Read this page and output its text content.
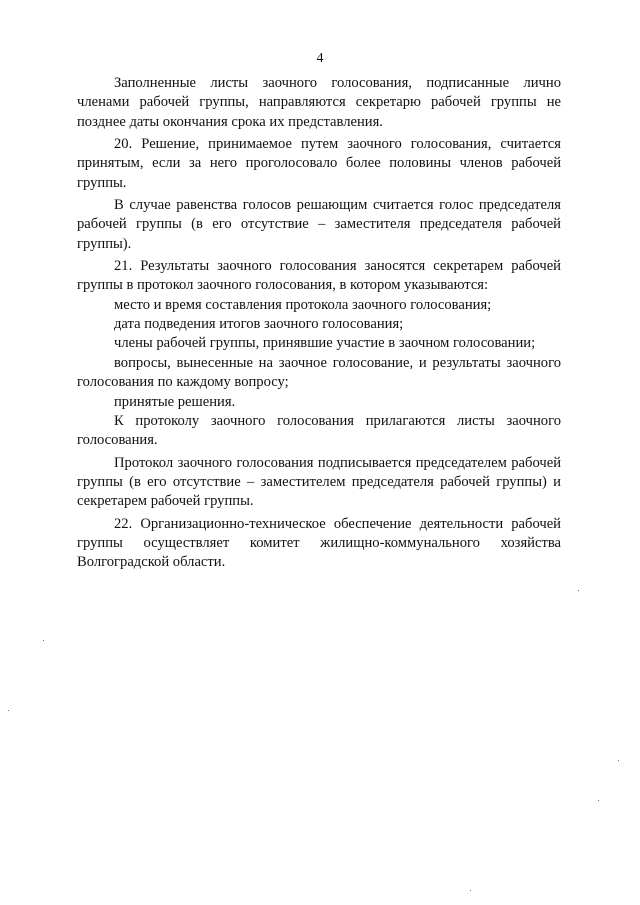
4

Заполненные листы заочного голосования, подписанные лично членами рабочей группы, направляются секретарю рабочей группы не позднее даты окончания срока их представления.

20. Решение, принимаемое путем заочного голосования, считается принятым, если за него проголосовало более половины членов рабочей группы.

В случае равенства голосов решающим считается голос председателя рабочей группы (в его отсутствие – заместителя председателя рабочей группы).

21. Результаты заочного голосования заносятся секретарем рабочей группы в протокол заочного голосования, в котором указываются:

место и время составления протокола заочного голосования;

дата подведения итогов заочного голосования;

члены рабочей группы, принявшие участие в заочном голосовании;

вопросы, вынесенные на заочное голосование, и результаты заочного голосования по каждому вопросу;

принятые решения.

К протоколу заочного голосования прилагаются листы заочного голосования.

Протокол заочного голосования подписывается председателем рабочей группы (в его отсутствие – заместителем председателя рабочей группы) и секретарем рабочей группы.

22. Организационно-техническое обеспечение деятельности рабочей группы осуществляет комитет жилищно-коммунального хозяйства Волгоградской области.
